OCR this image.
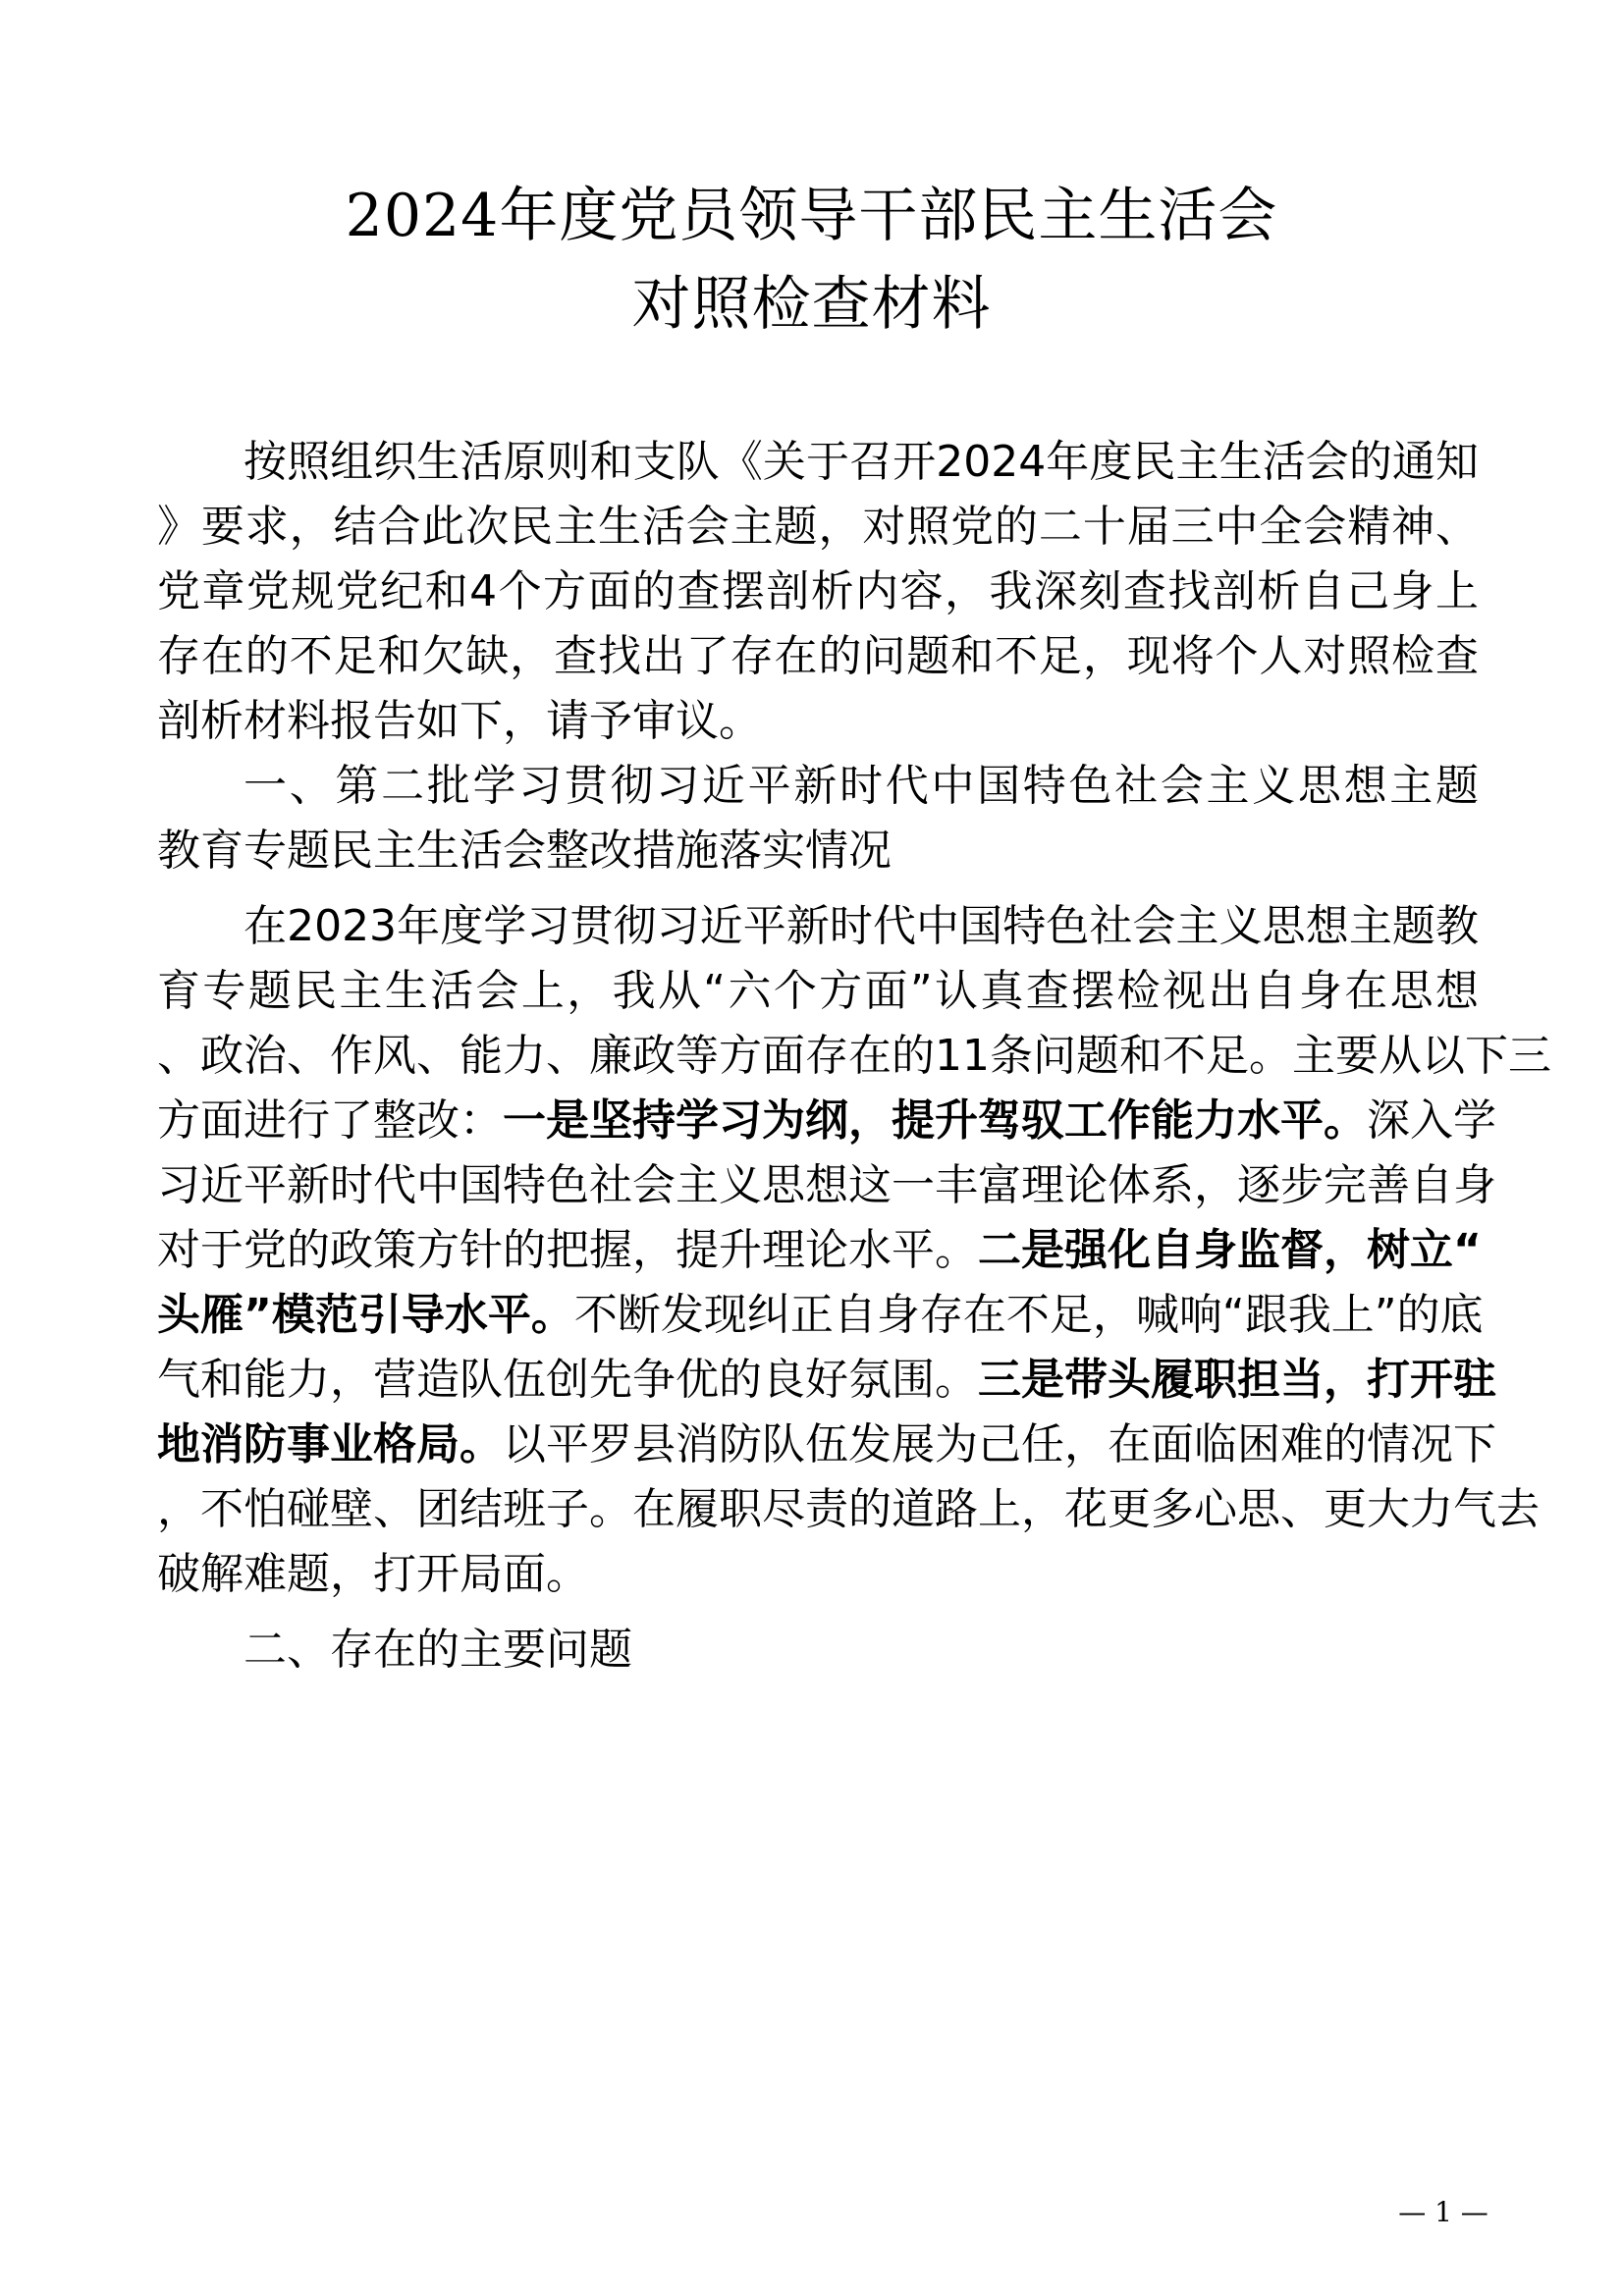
2024年度党员领导干部民主生活会
对照检查材料
按照组织生活原则和支队《关于召开2024年度民主生活会的通知
》要求，结合此次民主生活会主题，对照党的二十届三中全会精神、
党章党规党纪和4个方面的查摆剖析内容，我深刻查找剖析自己身上
存在的不足和欠缺，查找出了存在的问题和不足，现将个人对照检查
剖析材料报告如下，请予审议。
一、第二批学习贯彻习近平新时代中国特色社会主义思想主题
教育专题民主生活会整改措施落实情况
在2023年度学习贯彻习近平新时代中国特色社会主义思想主题教
育专题民主生活会上，我从“六个方面”认真查摆检视出自身在思想
、政治、作风、能力、廉政等方面存在的11条问题和不足。主要从以下三
方面进行了整改：一是坚持学习为纲，提升驾驭工作能力水平。深入学
习近平新时代中国特色社会主义思想这一丰富理论体系，逐步完善自身
对于党的政策方针的把握，提升理论水平。二是强化自身监督，树立“
头雁”模范引导水平。不断发现纠正自身存在不足，喊响“跟我上”的底
气和能力，营造队伍创先争优的良好氛围。三是带头履职担当，打开驻
地消防事业格局。以平罗县消防队伍发展为己任，在面临困难的情况下
，不怕碰壁、团结班子。在履职尽责的道路上，花更多心思、更大力气去
破解难题，打开局面。
二、存在的主要问题
— 1 —
